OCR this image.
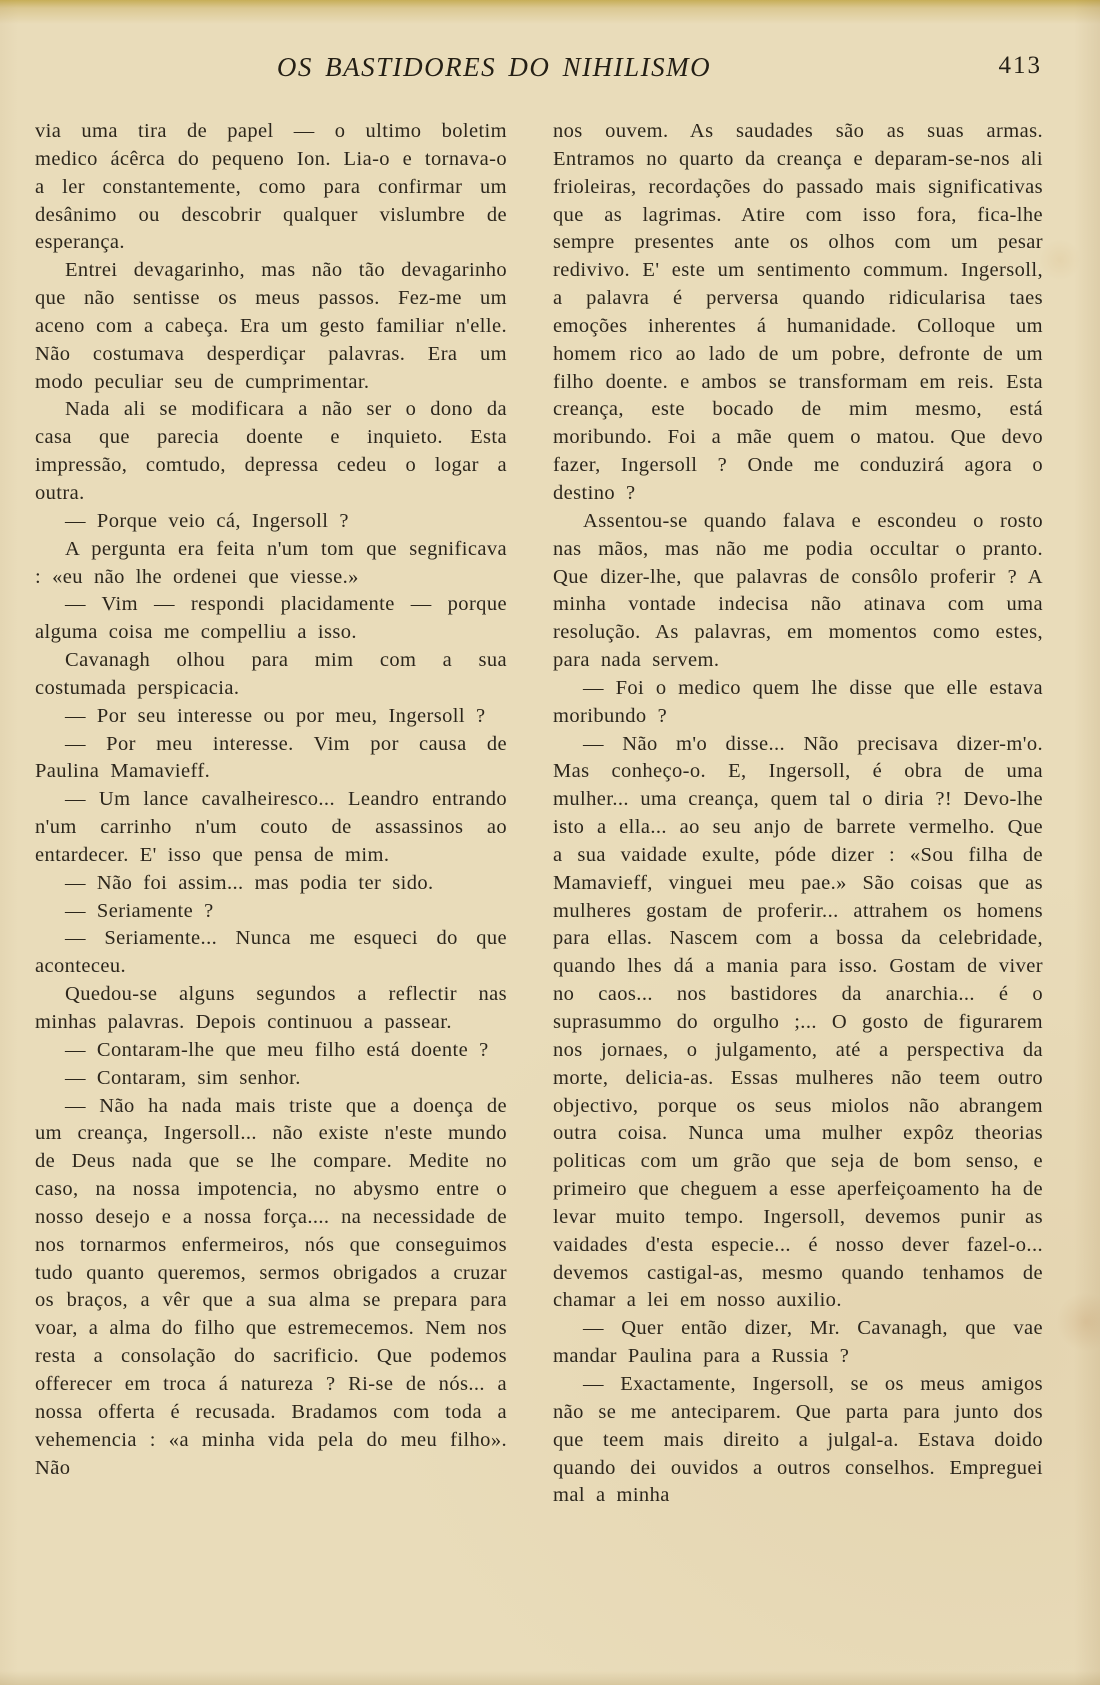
OS BASTIDORES DO NIHILISMO	413

via uma tira de papel — o ultimo boletim medico ácêrca do pequeno Ion. Lia-o e tornava-o a ler constantemente, como para confirmar um desânimo ou descobrir qualquer vislumbre de esperança.

Entrei devagarinho, mas não tão devagarinho que não sentisse os meus passos. Fez-me um aceno com a cabeça. Era um gesto familiar n'elle. Não costumava desperdiçar palavras. Era um modo peculiar seu de cumprimentar.

Nada ali se modificara a não ser o dono da casa que parecia doente e inquieto. Esta impressão, comtudo, depressa cedeu o logar a outra.

— Porque veio cá, Ingersoll ?

A pergunta era feita n'um tom que segnificava : «eu não lhe ordenei que viesse.»

— Vim — respondi placidamente — porque alguma coisa me compelliu a isso.

Cavanagh olhou para mim com a sua costumada perspicacia.

— Por seu interesse ou por meu, Ingersoll ?

— Por meu interesse. Vim por causa de Paulina Mamavieff.

— Um lance cavalheiresco... Leandro entrando n'um carrinho n'um couto de assassinos ao entardecer. E' isso que pensa de mim.

— Não foi assim... mas podia ter sido.

— Seriamente ?

— Seriamente... Nunca me esqueci do que aconteceu.

Quedou-se alguns segundos a reflectir nas minhas palavras. Depois continuou a passear.

— Contaram-lhe que meu filho está doente ?

— Contaram, sim senhor.

— Não ha nada mais triste que a doença de um creança, Ingersoll... não existe n'este mundo de Deus nada que se lhe compare. Medite no caso, na nossa impotencia, no abysmo entre o nosso desejo e a nossa força.... na necessidade de nos tornarmos enfermeiros, nós que conseguimos tudo quanto queremos, sermos obrigados a cruzar os braços, a vêr que a sua alma se prepara para voar, a alma do filho que estremecemos. Nem nos resta a consolação do sacrificio. Que podemos offerecer em troca á natureza ? Ri-se de nós... a nossa offerta é recusada. Bradamos com toda a vehemencia : «a minha vida pela do meu filho». Não

nos ouvem. As saudades são as suas armas. Entramos no quarto da creança e deparam-se-nos ali frioleiras, recordações do passado mais significativas que as lagrimas. Atire com isso fora, fica-lhe sempre presentes ante os olhos com um pesar redivivo. E' este um sentimento commum. Ingersoll, a palavra é perversa quando ridicularisa taes emoções inherentes á humanidade. Colloque um homem rico ao lado de um pobre, defronte de um filho doente. e ambos se transformam em reis. Esta creança, este bocado de mim mesmo, está moribundo. Foi a mãe quem o matou. Que devo fazer, Ingersoll ? Onde me conduzirá agora o destino ?

Assentou-se quando falava e escondeu o rosto nas mãos, mas não me podia occultar o pranto. Que dizer-lhe, que palavras de consôlo proferir ? A minha vontade indecisa não atinava com uma resolução. As palavras, em momentos como estes, para nada servem.

— Foi o medico quem lhe disse que elle estava moribundo ?

— Não m'o disse... Não precisava dizer-m'o. Mas conheço-o. E, Ingersoll, é obra de uma mulher... uma creança, quem tal o diria ?! Devo-lhe isto a ella... ao seu anjo de barrete vermelho. Que a sua vaidade exulte, póde dizer : «Sou filha de Mamavieff, vinguei meu pae.» São coisas que as mulheres gostam de proferir... attrahem os homens para ellas. Nascem com a bossa da celebridade, quando lhes dá a mania para isso. Gostam de viver no caos... nos bastidores da anarchia... é o suprasummo do orgulho ;... O gosto de figurarem nos jornaes, o julgamento, até a perspectiva da morte, delicia-as. Essas mulheres não teem outro objectivo, porque os seus miolos não abrangem outra coisa. Nunca uma mulher expôz theorias politicas com um grão que seja de bom senso, e primeiro que cheguem a esse aperfeiçoamento ha de levar muito tempo. Ingersoll, devemos punir as vaidades d'esta especie... é nosso dever fazel-o... devemos castigal-as, mesmo quando tenhamos de chamar a lei em nosso auxilio.

— Quer então dizer, Mr. Cavanagh, que vae mandar Paulina para a Russia ?

— Exactamente, Ingersoll, se os meus amigos não se me anteciparem. Que parta para junto dos que teem mais direito a julgal-a. Estava doido quando dei ouvidos a outros conselhos. Empreguei mal a minha
